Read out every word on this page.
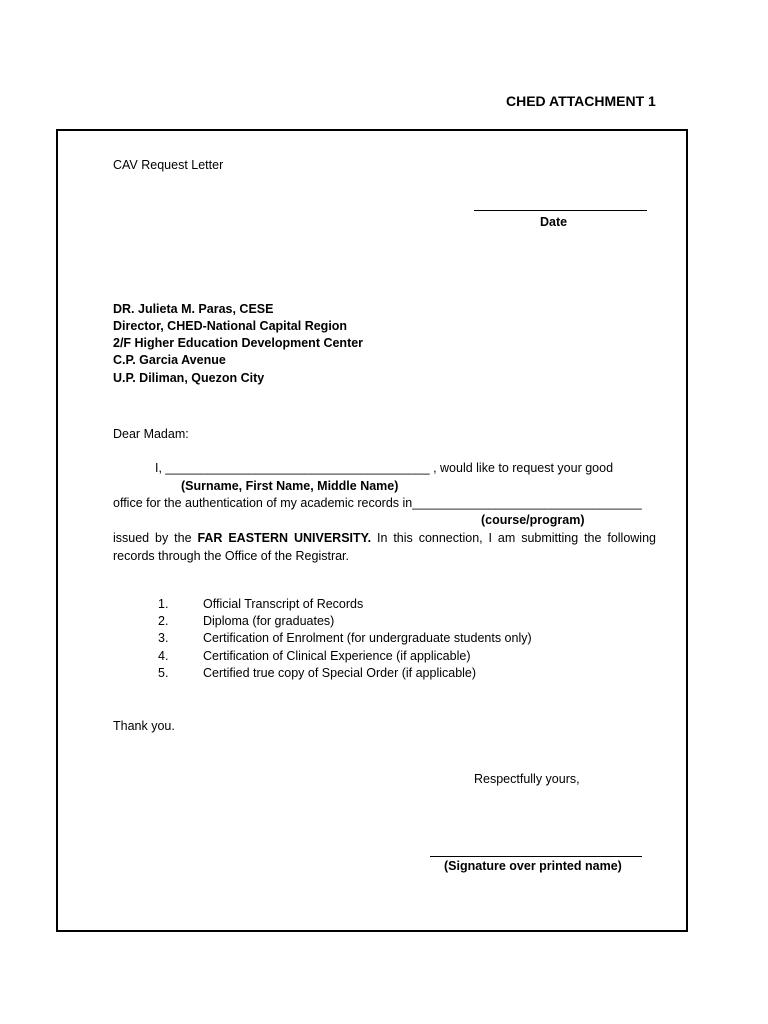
CHED ATTACHMENT 1
CAV Request Letter
Date
DR. Julieta M. Paras, CESE
Director, CHED-National Capital Region
2/F Higher Education Development Center
C.P. Garcia Avenue
U.P. Diliman, Quezon City
Dear Madam:
I, ______________________________________ , would like to request your good
(Surname, First Name, Middle Name)
office for the authentication of my academic records in_________________________________
(course/program)
issued by the FAR EASTERN UNIVERSITY. In this connection, I am submitting the following
records through the Office of the Registrar.
1.	Official Transcript of Records
2.	Diploma (for graduates)
3.	Certification of Enrolment (for undergraduate students only)
4.	Certification of Clinical Experience (if applicable)
5.	Certified true copy of Special Order (if applicable)
Thank you.
Respectfully yours,
(Signature over printed name)
